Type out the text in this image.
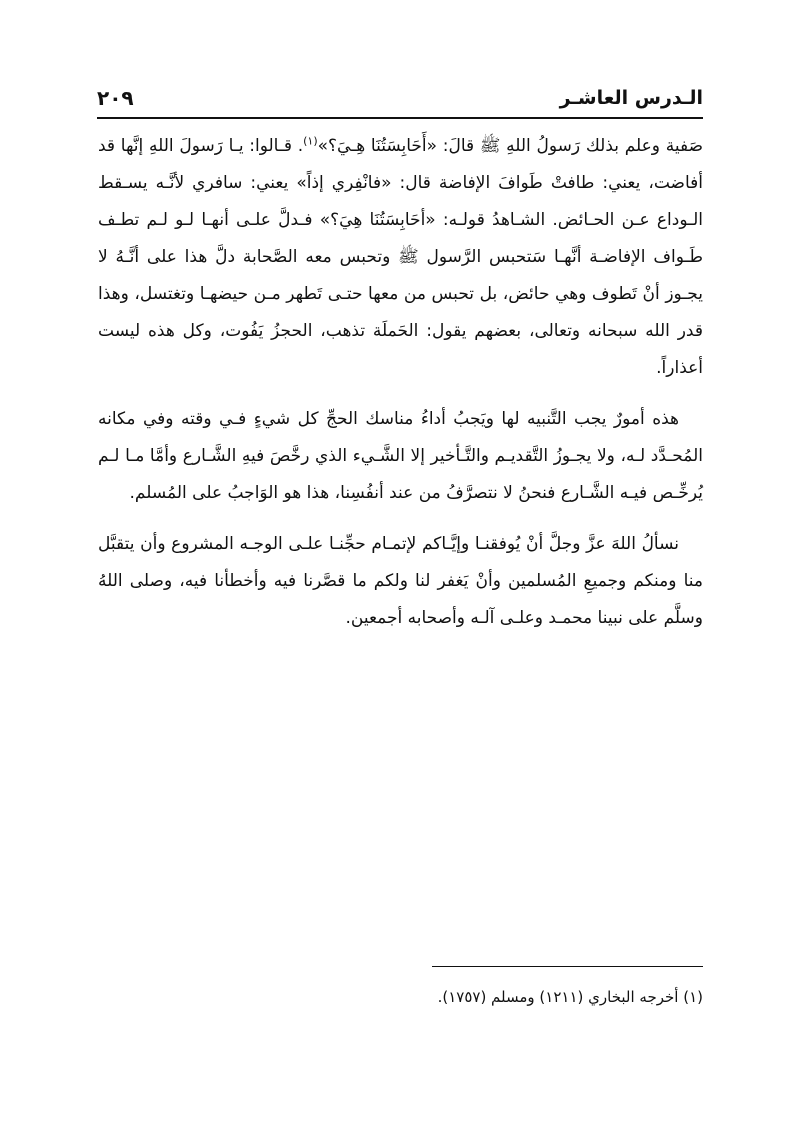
الـدرس العاشـر
٢٠٩

صَفية وعلم بذلك رَسولُ اللهِ ﷺ قالَ: «أَحَابِسَتُنَا هِـيَ؟»$^{(١)}$. قـالوا: يـا رَسولَ اللهِ إنَّها قد أفاضت، يعني: طافتْ طَوافَ الإفاضة قال: «فانْفِري إذاً» يعني: سافري لأنَّـه يسـقط الـوداع عـن الحـائض. الشـاهدُ قولـه: «أحَابِسَتُنَا هِيَ؟» فـدلَّ علـى أنهـا لـو لـم تطـف طَـواف الإفاضـة أنَّهـا سَتحبس الرَّسول ﷺ وتحبس معه الصَّحابة دلَّ هذا على أنَّـهُ لا يجـوز أنْ تَطوف وهي حائض، بل تحبس من معها حتـى تَطهر مـن حيضهـا وتغتسل، وهذا قدر الله سبحانه وتعالى، بعضهم يقول: الحَملَة تذهب، الحجزُ يَفُوت، وكل هذه ليست أعذاراً.

هذه أمورٌ يجب التَّنبيه لها ويَجبُ أداءُ مناسك الحجِّ كل شيءٍ فـي وقته وفي مكانه المُحـدَّد لـه، ولا يجـوزُ التَّقديـم والتَّـأخير إلا الشَّـيء الذي رخَّصَ فيهِ الشَّـارع وأمَّا مـا لـم يُرخِّـص فيـه الشَّـارع فنحنُ لا نتصرَّفُ من عند أنفُسِنا، هذا هو الوَاجبُ على المُسلم.

نسألُ اللهَ عزَّ وجلَّ أنْ يُوفقنـا وإيَّـاكم لإتمـام حجِّنـا علـى الوجـه المشروع وأن يتقبَّل منا ومنكم وجميعِ المُسلمين وأنْ يَغفر لنا ولكم ما قصَّرنا فيه وأخطأنا فيه، وصلى اللهُ وسلَّم على نبينا محمـد وعلـى آلـه وأصحابه أجمعين.

(١) أخرجه البخاري (١٢١١) ومسلم (١٧٥٧).
